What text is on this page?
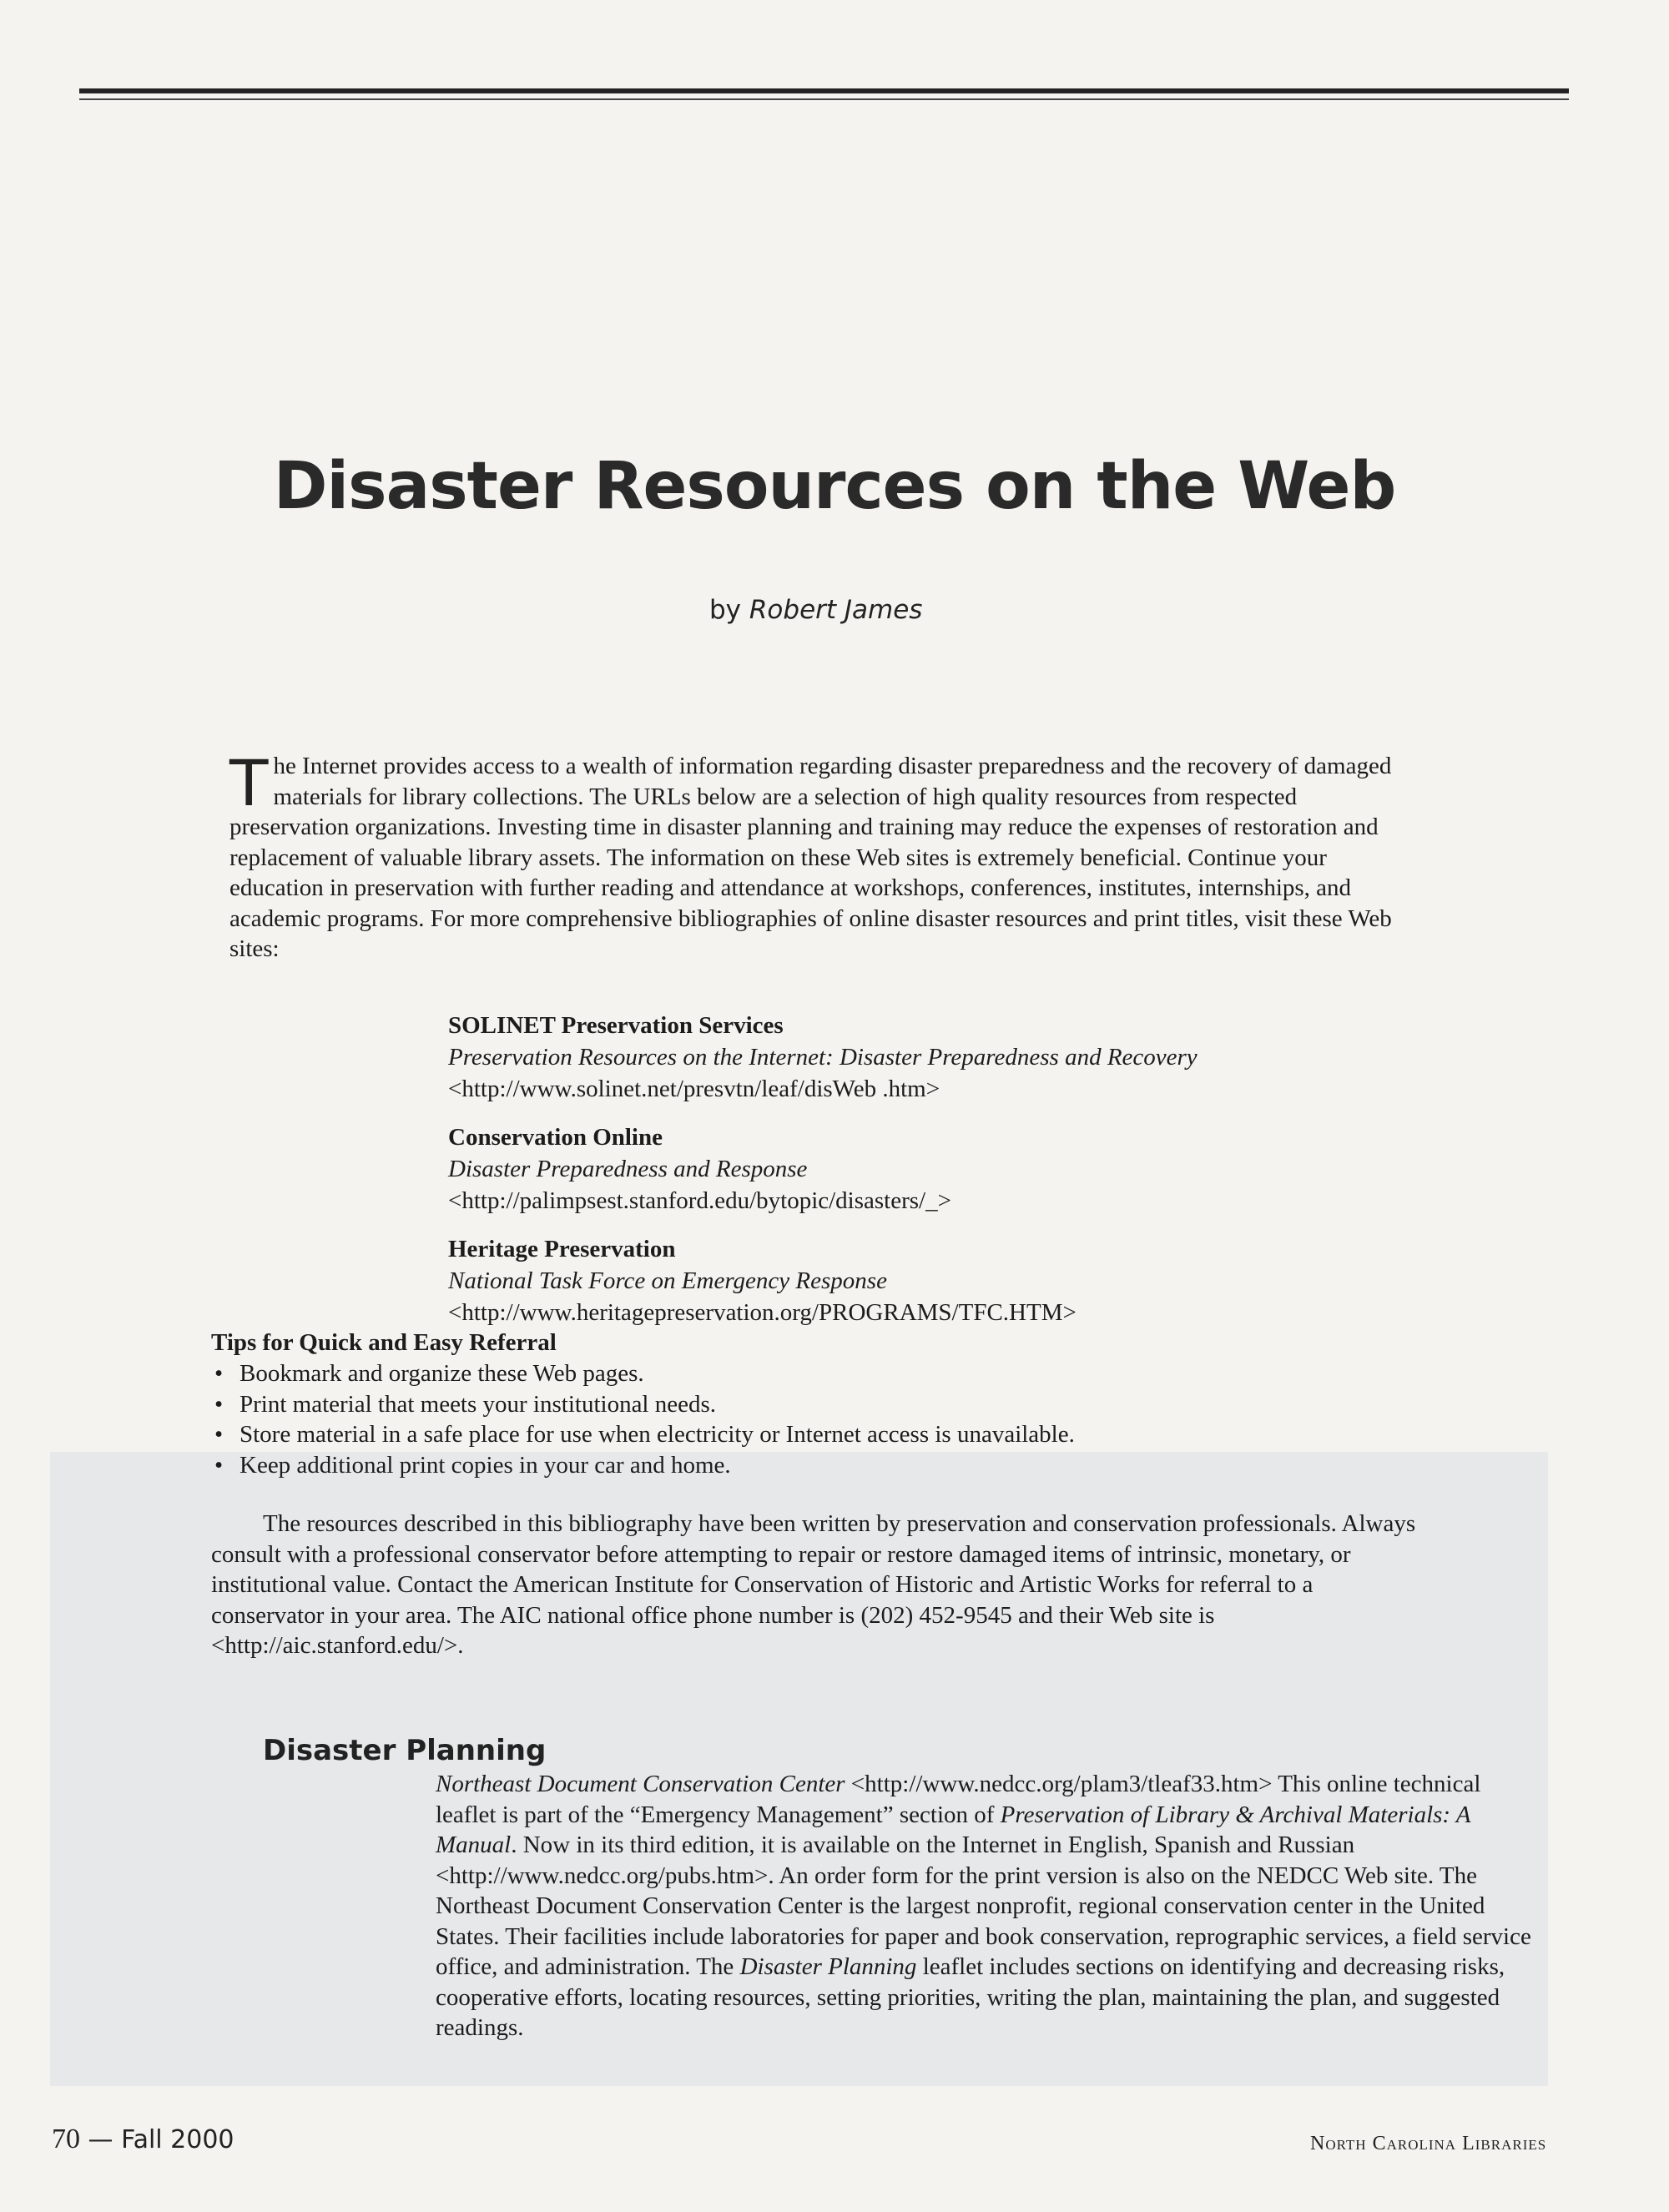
Disaster Resources on the Web
by Robert James

The Internet provides access to a wealth of information regarding disaster preparedness and the recovery of damaged materials for library collections. The URLs below are a selection of high quality resources from respected preservation organizations. Investing time in disaster planning and training may reduce the expenses of restoration and replacement of valuable library assets. The information on these Web sites is extremely beneficial. Continue your education in preservation with further reading and attendance at workshops, conferences, institutes, internships, and academic programs. For more comprehensive bibliographies of online disaster resources and print titles, visit these Web sites:

SOLINET Preservation Services
Preservation Resources on the Internet: Disaster Preparedness and Recovery
<http://www.solinet.net/presvtn/leaf/disWeb .htm>
Conservation Online
Disaster Preparedness and Response
<http://palimpsest.stanford.edu/bytopic/disasters/_>
Heritage Preservation
National Task Force on Emergency Response
<http://www.heritagepreservation.org/PROGRAMS/TFC.HTM>

Tips for Quick and Easy Referral

• Bookmark and organize these Web pages.
• Print material that meets your institutional needs.
• Store material in a safe place for use when electricity or Internet access is unavailable.
• Keep additional print copies in your car and home.

The resources described in this bibliography have been written by preservation and conservation professionals. Always consult with a professional conservator before attempting to repair or restore damaged items of intrinsic, monetary, or institutional value. Contact the American Institute for Conservation of Historic and Artistic Works for referral to a conservator in your area. The AIC national office phone number is (202) 452-9545 and their Web site is <http://aic.stanford.edu/>.

Disaster Planning

Northeast Document Conservation Center <http://www.nedcc.org/plam3/tleaf33.htm> This online technical leaflet is part of the “Emergency Management” section of Preservation of Library & Archival Materials: A Manual. Now in its third edition, it is available on the Internet in English, Spanish and Russian <http://www.nedcc.org/pubs.htm>. An order form for the print version is also on the NEDCC Web site. The Northeast Document Conservation Center is the largest nonprofit, regional conservation center in the United States. Their facilities include laboratories for paper and book conservation, reprographic services, a field service office, and administration. The Disaster Planning leaflet includes sections on identifying and decreasing risks, cooperative efforts, locating resources, setting priorities, writing the plan, maintaining the plan, and suggested readings.

70 — Fall 2000	North Carolina Libraries
